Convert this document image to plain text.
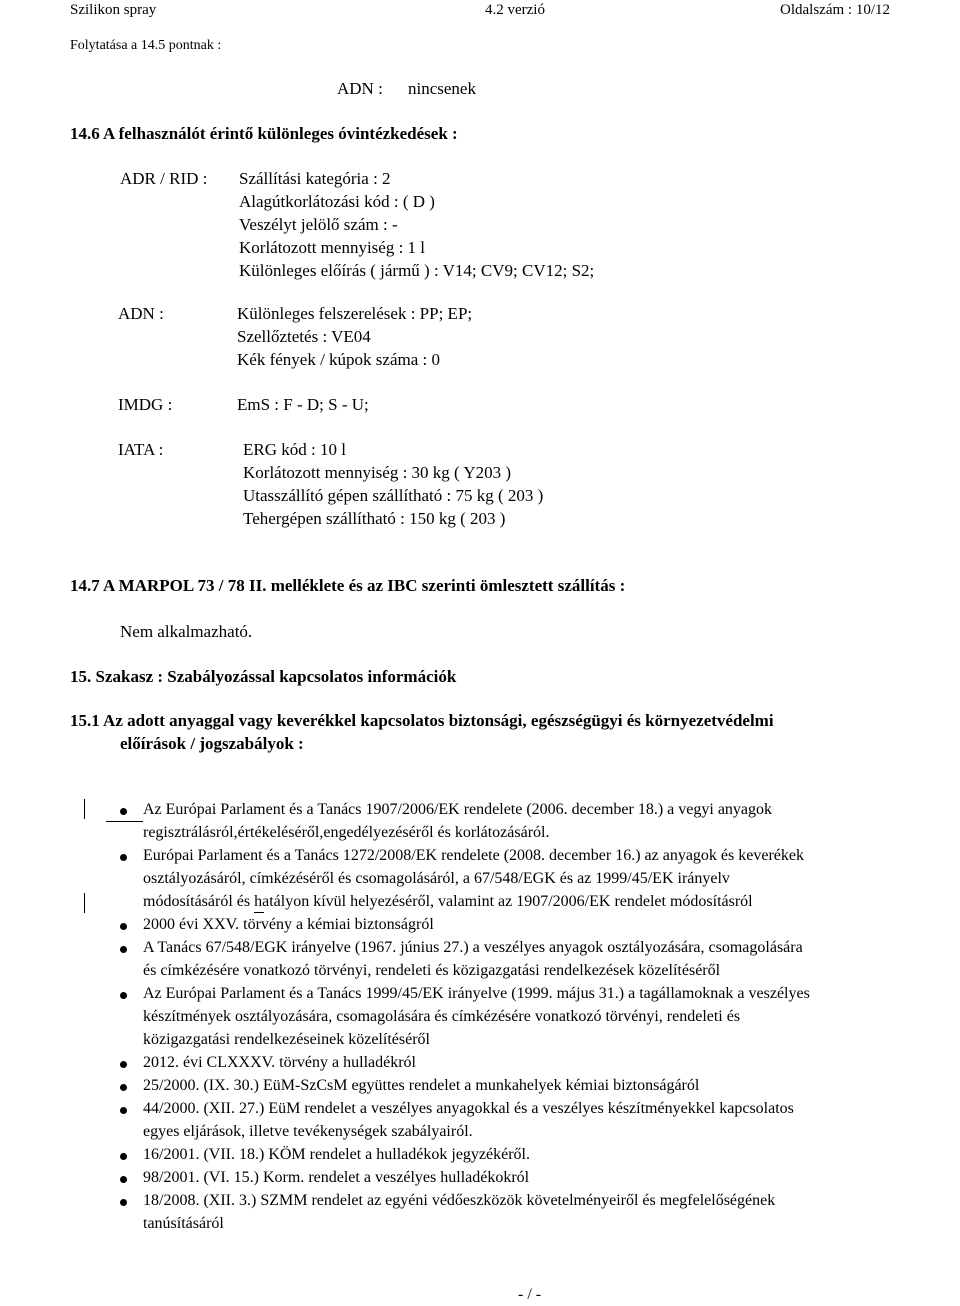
Szilikon spray	4.2 verzió	Oldalszám : 10/12
Folytatása a 14.5 pontnak :
ADN : nincsenek
14.6 A felhasználót érintő különleges óvintézkedések :
ADR / RID : Szállítási kategória : 2
Alagútkorlátozási kód : ( D )
Veszélyt jelölő szám : -
Korlátozott mennyiség : 1 l
Különleges előírás ( jármű ) : V14; CV9; CV12; S2;
ADN :	Különleges felszerelések : PP; EP;
Szellőztetés : VE04
Kék fények / kúpok száma : 0
IMDG :	EmS : F - D; S - U;
IATA :	ERG kód : 10 l
Korlátozott mennyiség : 30 kg ( Y203 )
Utasszállító gépen szállítható : 75 kg ( 203 )
Tehergépen szállítható : 150 kg ( 203 )
14.7 A MARPOL 73 / 78 II. melléklete és az IBC szerinti ömlesztett szállítás :
Nem alkalmazható.
15. Szakasz : Szabályozással kapcsolatos információk
15.1 Az adott anyaggal vagy keverékkel kapcsolatos biztonsági, egészségügyi és környezetvédelmi
előírások / jogszabályok :
Az Európai Parlament és a Tanács 1907/2006/EK rendelete (2006. december 18.) a vegyi anyagok
regisztrálásról,értékeléséről,engedélyezéséről és korlátozásáról.
Európai Parlament és a Tanács 1272/2008/EK rendelete (2008. december 16.) az anyagok és keverékek
osztályozásáról, címkézéséről és csomagolásáról, a 67/548/EGK és az 1999/45/EK irányelv
módosításáról és hatályon kívül helyezéséről, valamint az 1907/2006/EK rendelet módosításról
2000 évi XXV. törvény a kémiai biztonságról
A Tanács 67/548/EGK irányelve (1967. június 27.) a veszélyes anyagok osztályozására, csomagolására
és címkézésére vonatkozó törvényi, rendeleti és közigazgatási rendelkezések közelítéséről
Az Európai Parlament és a Tanács 1999/45/EK irányelve (1999. május 31.) a tagállamoknak a veszélyes
készítmények osztályozására, csomagolására és címkézésére vonatkozó törvényi, rendeleti és
közigazgatási rendelkezéseinek közelítéséről
2012. évi CLXXXV. törvény a hulladékról
25/2000. (IX. 30.) EüM-SzCsM együttes rendelet a munkahelyek kémiai biztonságáról
44/2000. (XII. 27.) EüM rendelet a veszélyes anyagokkal és a veszélyes készítményekkel kapcsolatos
egyes eljárások, illetve tevékenységek szabályairól.
16/2001. (VII. 18.) KÖM rendelet a hulladékok jegyzékéről.
98/2001. (VI. 15.) Korm. rendelet a veszélyes hulladékokról
18/2008. (XII. 3.) SZMM rendelet az egyéni védőeszközök követelményeiről és megfelelőségének
tanúsításáról
- / -
